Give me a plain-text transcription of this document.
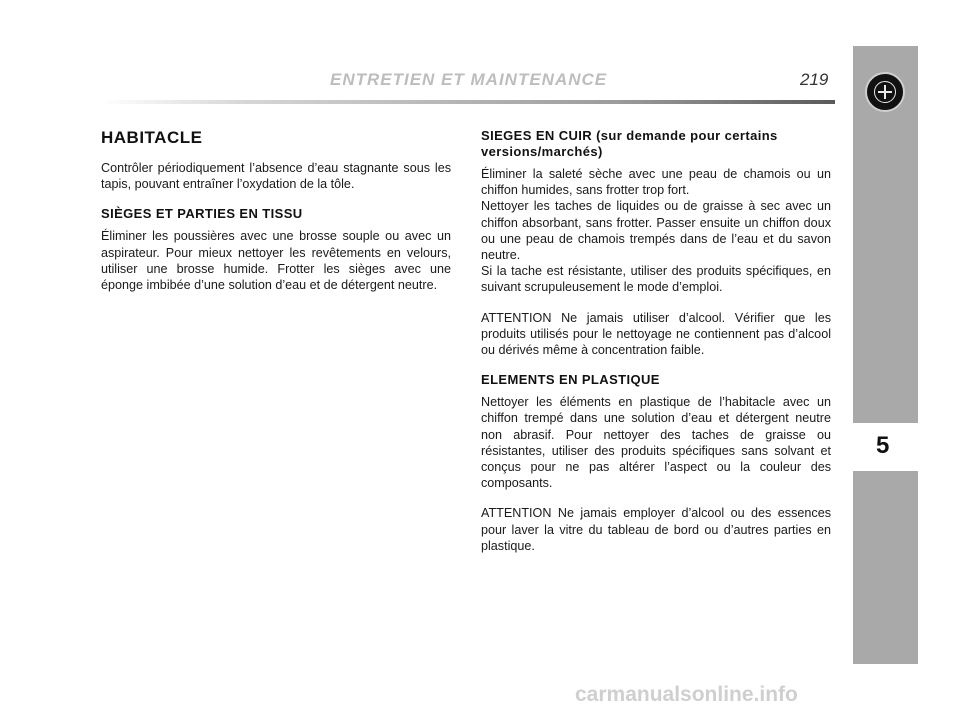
ENTRETIEN ET MAINTENANCE	219
5
HABITACLE

Contrôler périodiquement l’absence d’eau stagnante sous les tapis, pouvant entraîner l’oxydation de la tôle.

SIÈGES ET PARTIES EN TISSU

Éliminer les poussières avec une brosse souple ou avec un aspirateur. Pour mieux nettoyer les revêtements en velours, utiliser une brosse humide. Frotter les sièges avec une éponge imbibée d’une solution d’eau et de détergent neutre.

SIEGES EN CUIR (sur demande pour certains versions/marchés)

Éliminer la saleté sèche avec une peau de chamois ou un chiffon humides, sans frotter trop fort.

Nettoyer les taches de liquides ou de graisse à sec avec un chiffon absorbant, sans frotter. Passer ensuite un chiffon doux ou une peau de chamois trempés dans de l’eau et du savon neutre.

Si la tache est résistante, utiliser des produits spécifiques, en suivant scrupuleusement le mode d’emploi.

ATTENTION Ne jamais utiliser d’alcool. Vérifier que les produits utilisés pour le nettoyage ne contiennent pas d’alcool ou dérivés même à concentration faible.

ELEMENTS EN PLASTIQUE

Nettoyer les éléments en plastique de l’habitacle avec un chiffon trempé dans une solution d’eau et détergent neutre non abrasif. Pour nettoyer des taches de graisse ou résistantes, utiliser des produits spécifiques sans solvant et conçus pour ne pas altérer l’aspect ou la couleur des composants.

ATTENTION Ne jamais employer d’alcool ou des essences pour laver la vitre du tableau de bord ou d’autres parties en plastique.

carmanualsonline.info
